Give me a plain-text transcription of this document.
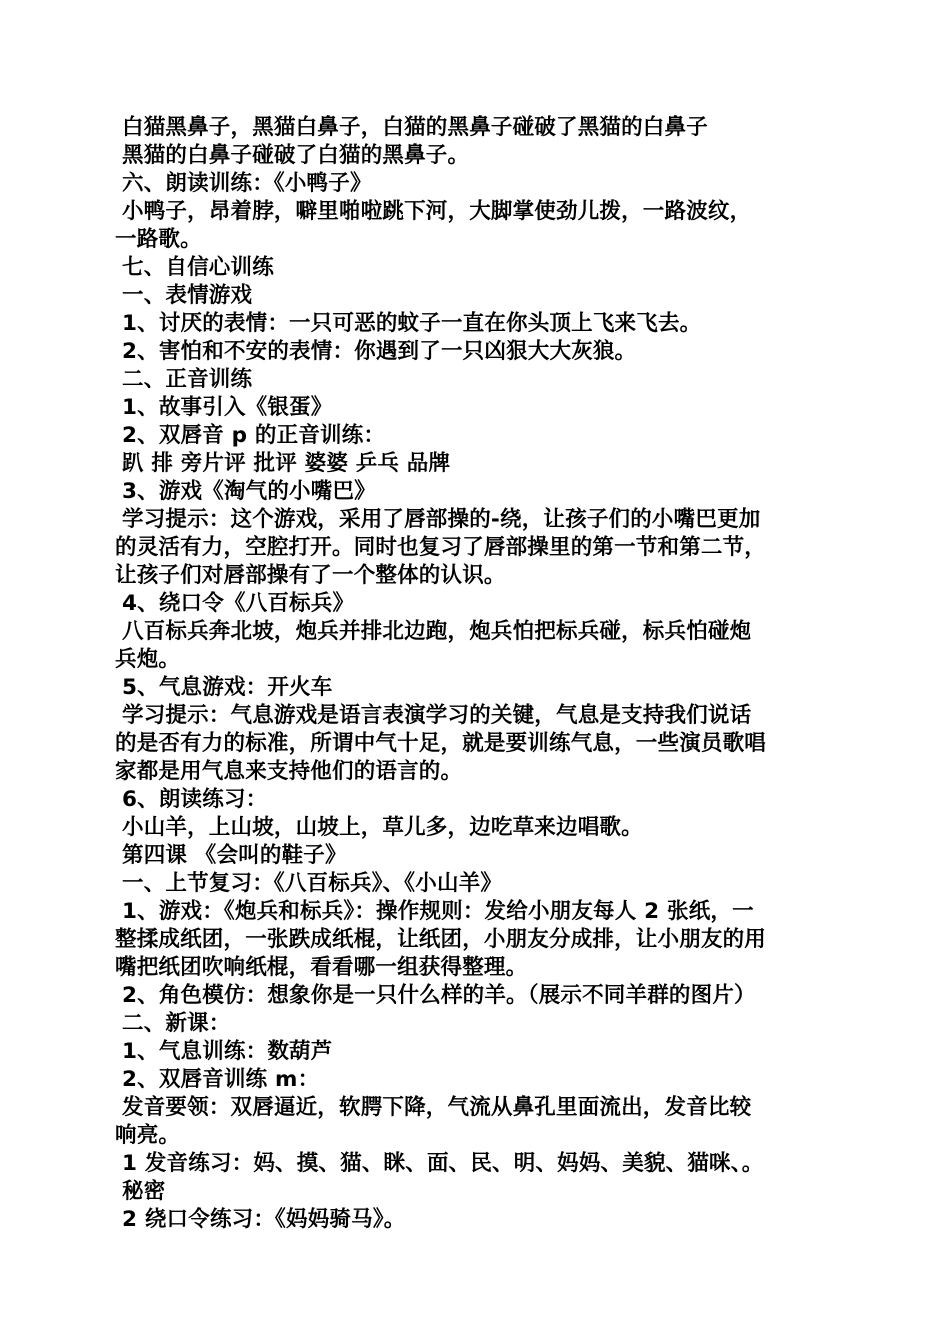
白猫黑鼻子，黑猫白鼻子，白猫的黑鼻子碰破了黑猫的白鼻子

黑猫的白鼻子碰破了白猫的黑鼻子。

六、朗读训练：《小鸭子》

小鸭子，昂着脖，噼里啪啦跳下河，大脚掌使劲儿拨，一路波纹，

一路歌。

七、自信心训练

一、表情游戏

1、讨厌的表情：一只可恶的蚊子一直在你头顶上飞来飞去。

2、害怕和不安的表情：你遇到了一只凶狠大大灰狼。

二、正音训练

1、故事引入《银蛋》

2、双唇音 p 的正音训练：

趴 排 旁片评 批评 婆婆 乒乓 品牌

3、游戏《淘气的小嘴巴》

学习提示：这个游戏，采用了唇部操的-绕，让孩子们的小嘴巴更加

的灵活有力，空腔打开。同时也复习了唇部操里的第一节和第二节，

让孩子们对唇部操有了一个整体的认识。

4、绕口令《八百标兵》

八百标兵奔北坡，炮兵并排北边跑，炮兵怕把标兵碰，标兵怕碰炮

兵炮。

5、气息游戏：开火车

学习提示：气息游戏是语言表演学习的关键，气息是支持我们说话

的是否有力的标准，所谓中气十足，就是要训练气息，一些演员歌唱

家都是用气息来支持他们的语言的。

6、朗读练习：

小山羊，上山坡，山坡上，草儿多，边吃草来边唱歌。

第四课 《会叫的鞋子》

一、上节复习：《八百标兵》、《小山羊》

1、游戏：《炮兵和标兵》：操作规则：发给小朋友每人 2 张纸，一

整揉成纸团，一张跌成纸棍，让纸团，小朋友分成排，让小朋友的用

嘴把纸团吹响纸棍，看看哪一组获得整理。

2、角色模仿：想象你是一只什么样的羊。（展示不同羊群的图片）

二、新课：

1、气息训练：数葫芦

2、双唇音训练 m：

发音要领：双唇逼近，软腭下降，气流从鼻孔里面流出，发音比较

响亮。

1 发音练习：妈、摸、猫、眯、面、民、明、妈妈、美貌、猫咪、。

秘密

2 绕口令练习：《妈妈骑马》。
